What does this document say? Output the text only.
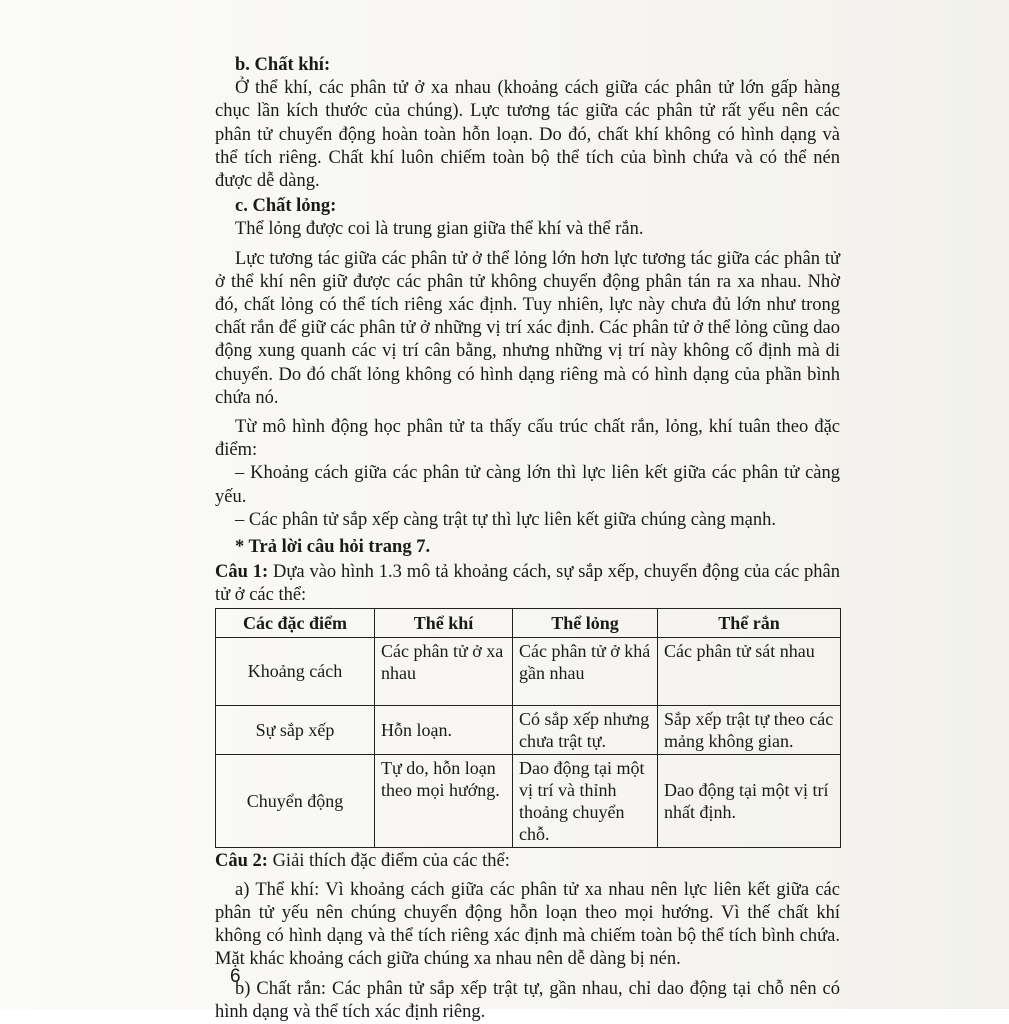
b. Chất khí:

Ở thể khí, các phân tử ở xa nhau (khoảng cách giữa các phân tử lớn gấp hàng chục lần kích thước của chúng). Lực tương tác giữa các phân tử rất yếu nên các phân tử chuyển động hoàn toàn hỗn loạn. Do đó, chất khí không có hình dạng và thể tích riêng. Chất khí luôn chiếm toàn bộ thể tích của bình chứa và có thể nén được dễ dàng.

c. Chất lỏng:

Thể lỏng được coi là trung gian giữa thể khí và thể rắn.

Lực tương tác giữa các phân tử ở thể lỏng lớn hơn lực tương tác giữa các phân tử ở thể khí nên giữ được các phân tử không chuyển động phân tán ra xa nhau. Nhờ đó, chất lỏng có thể tích riêng xác định. Tuy nhiên, lực này chưa đủ lớn như trong chất rắn để giữ các phân tử ở những vị trí xác định. Các phân tử ở thể lỏng cũng dao động xung quanh các vị trí cân bằng, nhưng những vị trí này không cố định mà di chuyển. Do đó chất lỏng không có hình dạng riêng mà có hình dạng của phần bình chứa nó.

Từ mô hình động học phân tử ta thấy cấu trúc chất rắn, lỏng, khí tuân theo đặc điểm:

– Khoảng cách giữa các phân tử càng lớn thì lực liên kết giữa các phân tử càng yếu.

– Các phân tử sắp xếp càng trật tự thì lực liên kết giữa chúng càng mạnh.

* Trả lời câu hỏi trang 7.

Câu 1: Dựa vào hình 1.3 mô tả khoảng cách, sự sắp xếp, chuyển động của các phân tử ở các thể:

Các đặc điểm	Thể khí	Thể lỏng	Thể rắn
Khoảng cách	Các phân tử ở xa nhau	Các phân tử ở khá gần nhau	Các phân tử sát nhau
Sự sắp xếp	Hỗn loạn.	Có sắp xếp nhưng chưa trật tự.	Sắp xếp trật tự theo các mảng không gian.
Chuyển động	Tự do, hỗn loạn theo mọi hướng.	Dao động tại một vị trí và thỉnh thoảng chuyển chỗ.	Dao động tại một vị trí nhất định.

Câu 2: Giải thích đặc điểm của các thể:

a) Thể khí: Vì khoảng cách giữa các phân tử xa nhau nên lực liên kết giữa các phân tử yếu nên chúng chuyển động hỗn loạn theo mọi hướng. Vì thế chất khí không có hình dạng và thể tích riêng xác định mà chiếm toàn bộ thể tích bình chứa. Mặt khác khoảng cách giữa chúng xa nhau nên dễ dàng bị nén.

b) Chất rắn: Các phân tử sắp xếp trật tự, gần nhau, chỉ dao động tại chỗ nên có hình dạng và thể tích xác định riêng.

6
